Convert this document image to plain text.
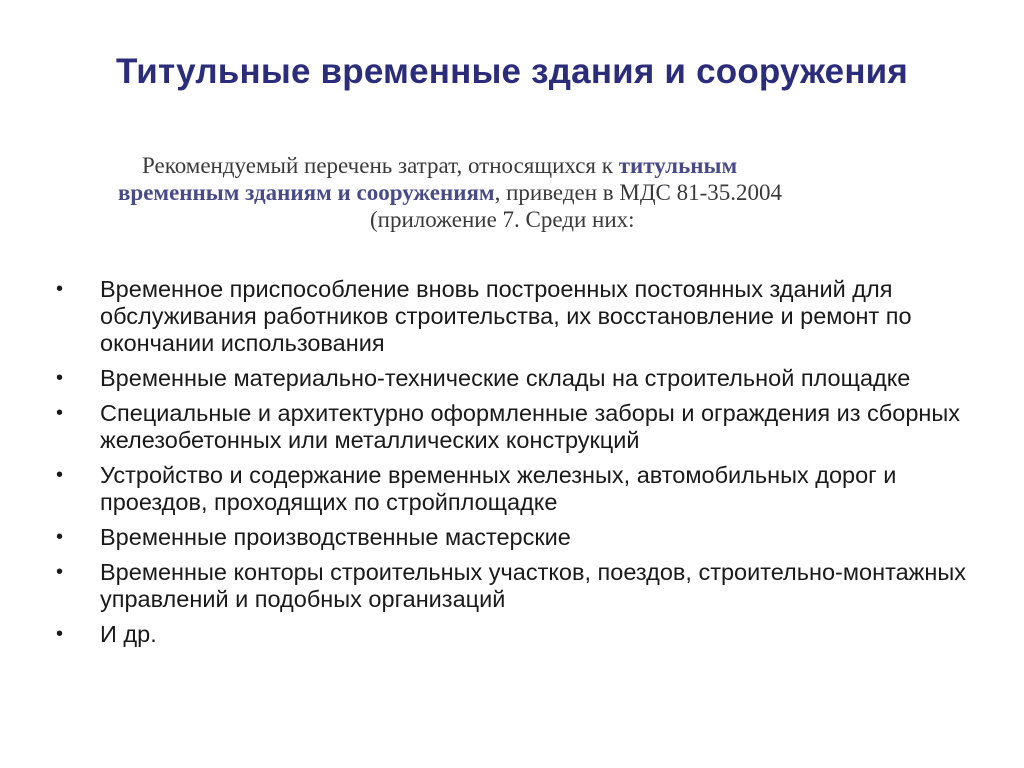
Титульные временные здания и сооружения
Рекомендуемый перечень затрат, относящихся к титульным
временным зданиям и сооружениям, приведен в МДС 81-35.2004
(приложение 7. Среди них:
•	Временное приспособление вновь построенных постоянных зданий для обслуживания работников строительства, их восстановление и ремонт по окончании использования
•	Временные материально-технические склады на строительной площадке
•	Специальные и архитектурно оформленные заборы и ограждения из сборных железобетонных или металлических конструкций
•	Устройство и содержание временных железных, автомобильных дорог и проездов, проходящих по стройплощадке
•	Временные производственные мастерские
•	Временные конторы строительных участков, поездов, строительно-монтажных управлений и подобных организаций
•	И др.
